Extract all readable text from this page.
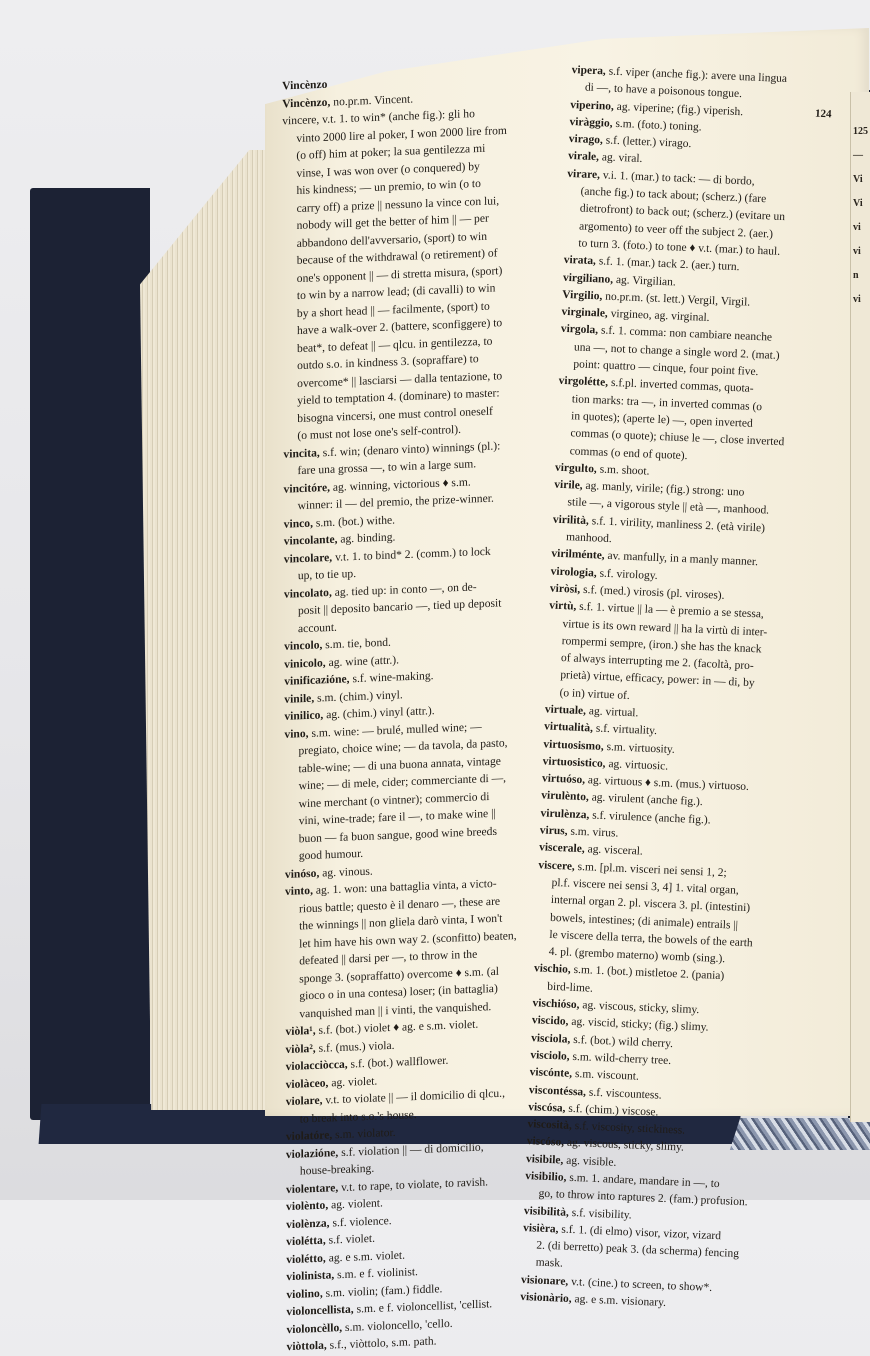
Vincènzo
Vincènzo, no.pr.m. Vincent.
vincere, v.t. 1. to win* (anche fig.): gli ho
vinto 2000 lire al poker, I won 2000 lire from
(o off) him at poker; la sua gentilezza mi
vinse, I was won over (o conquered) by
his kindness; — un premio, to win (o to
carry off) a prize || nessuno la vince con lui,
nobody will get the better of him || — per
abbandono dell'avversario, (sport) to win
because of the withdrawal (o retirement) of
one's opponent || — di stretta misura, (sport)
to win by a narrow lead; (di cavalli) to win
by a short head || — facilmente, (sport) to
have a walk-over 2. (battere, sconfiggere) to
beat*, to defeat || — qlcu. in gentilezza, to
outdo s.o. in kindness 3. (sopraffare) to
overcome* || lasciarsi — dalla tentazione, to
yield to temptation 4. (dominare) to master:
bisogna vincersi, one must control oneself
(o must not lose one's self-control).
vincita, s.f. win; (denaro vinto) winnings (pl.):
fare una grossa —, to win a large sum.
vincitóre, ag. winning, victorious ♦ s.m.
winner: il — del premio, the prize-winner.
vinco, s.m. (bot.) withe.
vincolante, ag. binding.
vincolare, v.t. 1. to bind* 2. (comm.) to lock
up, to tie up.
vincolato, ag. tied up: in conto —, on de-
posit || deposito bancario —, tied up deposit
account.
vincolo, s.m. tie, bond.
vinicolo, ag. wine (attr.).
vinificazióne, s.f. wine-making.
vinile, s.m. (chim.) vinyl.
vinilico, ag. (chim.) vinyl (attr.).
vino, s.m. wine: — brulé, mulled wine; —
pregiato, choice wine; — da tavola, da pasto,
table-wine; — di una buona annata, vintage
wine; — di mele, cider; commerciante di —,
wine merchant (o vintner); commercio di
vini, wine-trade; fare il —, to make wine ||
buon — fa buon sangue, good wine breeds
good humour.
vinóso, ag. vinous.
vinto, ag. 1. won: una battaglia vinta, a victo-
rious battle; questo è il denaro —, these are
the winnings || non gliela darò vinta, I won't
let him have his own way 2. (sconfitto) beaten,
defeated || darsi per —, to throw in the
sponge 3. (sopraffatto) overcome ♦ s.m. (al
gioco o in una contesa) loser; (in battaglia)
vanquished man || i vinti, the vanquished.
viòla¹, s.f. (bot.) violet ♦ ag. e s.m. violet.
viòla², s.f. (mus.) viola.
violacciòcca, s.f. (bot.) wallflower.
violàceo, ag. violet.
violare, v.t. to violate || — il domicilio di qlcu.,
to break into s.o.'s house.
violatóre, s.m. violator.
violazióne, s.f. violation || — di domicilio,
house-breaking.
violentare, v.t. to rape, to violate, to ravish.
violènto, ag. violent.
violènza, s.f. violence.
violétta, s.f. violet.
violétto, ag. e s.m. violet.
violinista, s.m. e f. violinist.
violino, s.m. violin; (fam.) fiddle.
violoncellista, s.m. e f. violoncellist, 'cellist.
violoncèllo, s.m. violoncello, 'cello.
viòttola, s.f., viòttolo, s.m. path.
vipera, s.f. viper (anche fig.): avere una lingua
di —, to have a poisonous tongue.
viperino, ag. viperine; (fig.) viperish.
viràggio, s.m. (foto.) toning.
virago, s.f. (letter.) virago.
virale, ag. viral.
virare, v.i. 1. (mar.) to tack: — di bordo,
(anche fig.) to tack about; (scherz.) (fare
dietrofront) to back out; (scherz.) (evitare un
argomento) to veer off the subject 2. (aer.)
to turn 3. (foto.) to tone ♦ v.t. (mar.) to haul.
virata, s.f. 1. (mar.) tack 2. (aer.) turn.
virgiliano, ag. Virgilian.
Virgilio, no.pr.m. (st. lett.) Vergil, Virgil.
virginale, virgineo, ag. virginal.
virgola, s.f. 1. comma: non cambiare neanche
una —, not to change a single word 2. (mat.)
point: quattro — cinque, four point five.
virgolétte, s.f.pl. inverted commas, quota-
tion marks: tra —, in inverted commas (o
in quotes); (aperte le) —, open inverted
commas (o quote); chiuse le —, close inverted
commas (o end of quote).
virgulto, s.m. shoot.
virile, ag. manly, virile; (fig.) strong: uno
stile —, a vigorous style || età —, manhood.
virilità, s.f. 1. virility, manliness 2. (età virile)
manhood.
virilménte, av. manfully, in a manly manner.
virologia, s.f. virology.
viròsi, s.f. (med.) virosis (pl. viroses).
virtù, s.f. 1. virtue || la — è premio a se stessa,
virtue is its own reward || ha la virtù di inter-
rompermi sempre, (iron.) she has the knack
of always interrupting me 2. (facoltà, pro-
prietà) virtue, efficacy, power: in — di, by
(o in) virtue of.
virtuale, ag. virtual.
virtualità, s.f. virtuality.
virtuosismo, s.m. virtuosity.
virtuosistico, ag. virtuosic.
virtuóso, ag. virtuous ♦ s.m. (mus.) virtuoso.
virulènto, ag. virulent (anche fig.).
virulènza, s.f. virulence (anche fig.).
virus, s.m. virus.
viscerale, ag. visceral.
viscere, s.m. [pl.m. visceri nei sensi 1, 2;
pl.f. viscere nei sensi 3, 4] 1. vital organ,
internal organ 2. pl. viscera 3. pl. (intestini)
bowels, intestines; (di animale) entrails ||
le viscere della terra, the bowels of the earth
4. pl. (grembo materno) womb (sing.).
vischio, s.m. 1. (bot.) mistletoe 2. (pania)
bird-lime.
vischióso, ag. viscous, sticky, slimy.
viscido, ag. viscid, sticky; (fig.) slimy.
visciola, s.f. (bot.) wild cherry.
visciolo, s.m. wild-cherry tree.
viscónte, s.m. viscount.
viscontéssa, s.f. viscountess.
viscósa, s.f. (chim.) viscose.
viscosità, s.f. viscosity, stickiness.
viscóso, ag. viscous, sticky, slimy.
visibile, ag. visible.
visibilio, s.m. 1. andare, mandare in —, to
go, to throw into raptures 2. (fam.) profusion.
visibilità, s.f. visibility.
visièra, s.f. 1. (di elmo) visor, vizor, vizard
2. (di berretto) peak 3. (da scherma) fencing
mask.
visionare, v.t. (cine.) to screen, to show*.
visionàrio, ag. e s.m. visionary.
124
125
—
Vi
Vi
vi
vi
n
vi
